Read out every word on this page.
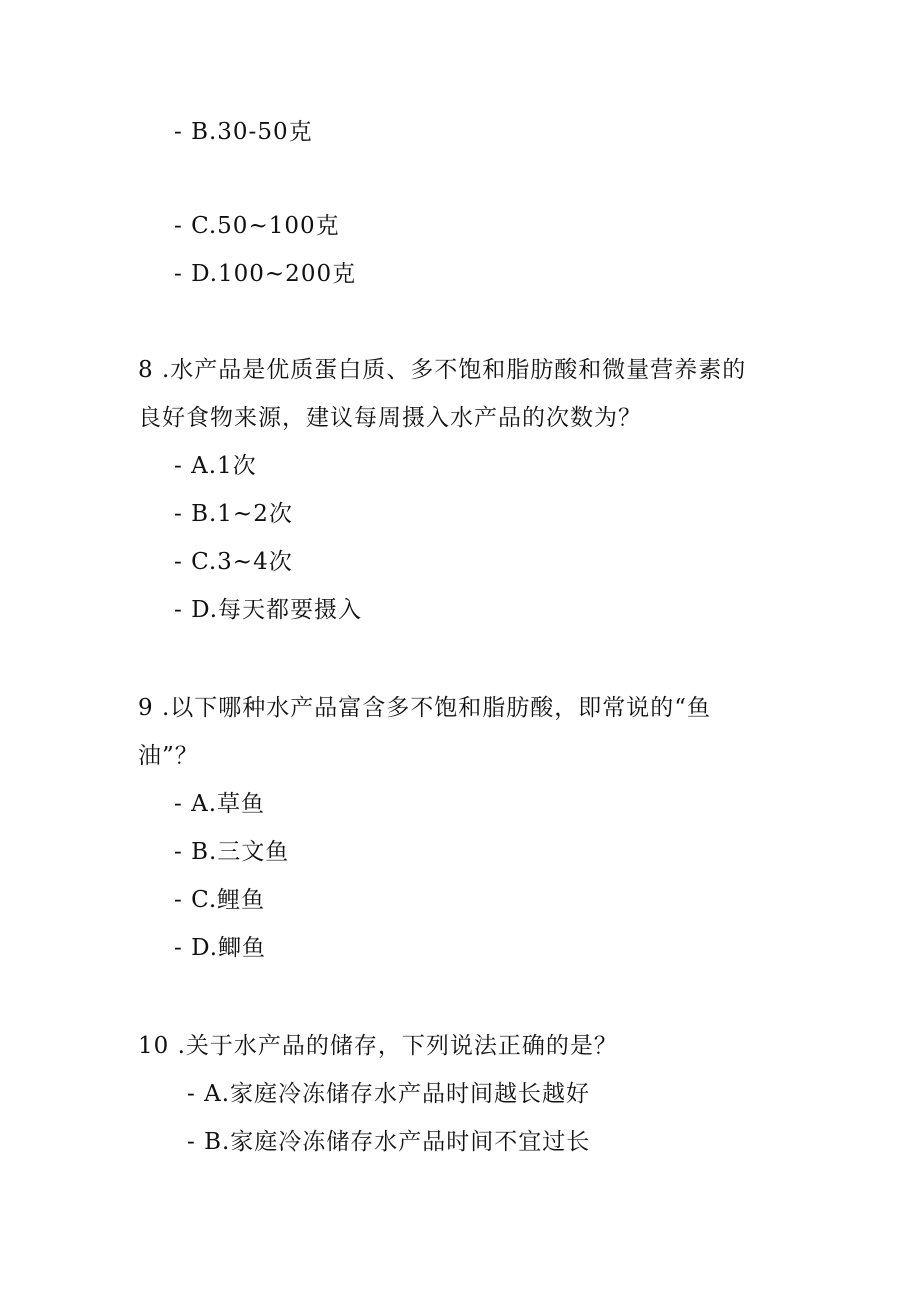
- B.30-50克
- C.50~100克
- D.100~200克
8 .水产品是优质蛋白质、多不饱和脂肪酸和微量营养素的
良好食物来源，建议每周摄入水产品的次数为？
- A.1次
- B.1~2次
- C.3~4次
- D.每天都要摄入
9 .以下哪种水产品富含多不饱和脂肪酸，即常说的“鱼
油”？
- A.草鱼
- B.三文鱼
- C.鲤鱼
- D.鲫鱼
10 .关于水产品的储存，下列说法正确的是？
- A.家庭冷冻储存水产品时间越长越好
- B.家庭冷冻储存水产品时间不宜过长
